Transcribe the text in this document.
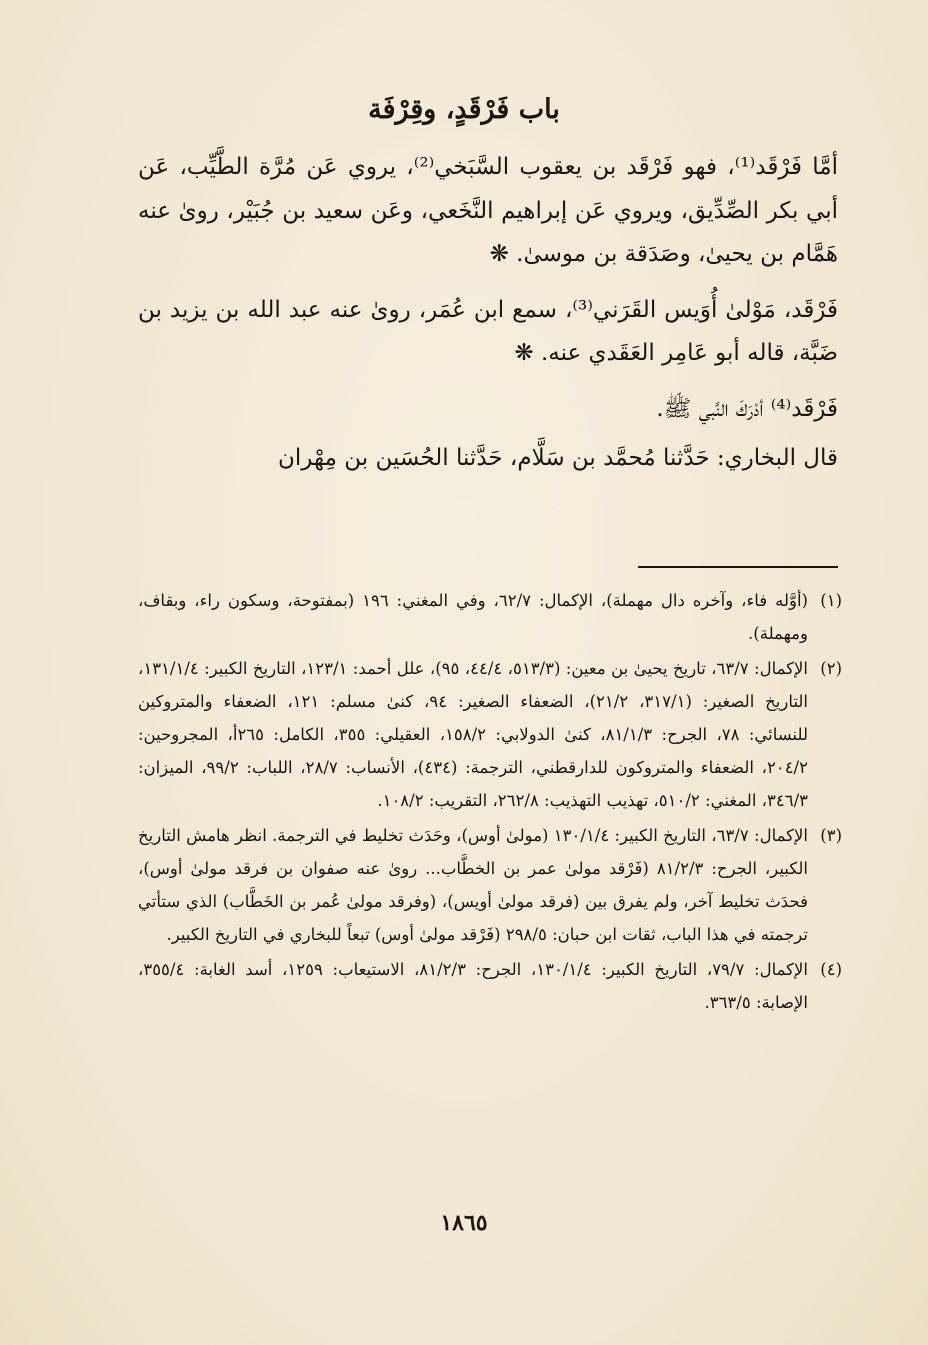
باب فَرْقَدٍ، وقِرْفَة

أمَّا فَرْقَد⁽¹⁾، فهو فَرْقَد بن يعقوب السَّبَخي⁽²⁾، يروي عَن مُرَّة الطَّيِّب، عَن أبي بكر الصِّدِّيق، ويروي عَن إبراهيم النَّخَعي، وعَن سعيد بن جُبَيْر، روىٰ عنه هَمَّام بن يحيىٰ، وصَدَقة بن موسىٰ. ❋

فَرْقَد، مَوْلىٰ أُوَيس القَرَني⁽³⁾، سمع ابن عُمَر، روىٰ عنه عبد الله بن يزيد بن ضَبَّة، قاله أبو عَامِر العَقَدي عنه. ❋

فَرْقَد⁽⁴⁾ أدْرَكَ النَّبي ﷺ.

قال البخاري: حَدَّثنا مُحمَّد بن سَلَّام، حَدَّثنا الحُسَين بن مِهْران

(١)
(أوَّله فاء، وآخره دال مهملة)، الإكمال: ٦٢/٧، وفي المغني: ١٩٦ (بمفتوحة، وسكون راء، وبقاف، ومهملة).
(٢)
الإكمال: ٦٣/٧، تاريخ يحيىٰ بن معين: (٥١٣/٣، ٤٤/٤، ٩٥)، علل أحمد: ١٢٣/١، التاريخ الكبير: ١٣١/١/٤، التاريخ الصغير: (٣١٧/١، ٢١/٢)، الضعفاء الصغير: ٩٤، كنىٰ مسلم: ١٢١، الضعفاء والمتروكين للنسائي: ٧٨، الجرح: ٨١/١/٣، كنىٰ الدولابي: ١٥٨/٢، العقيلي: ٣٥٥، الكامل: ٢٦٥أ، المجروحين: ٢٠٤/٢، الضعفاء والمتروكون للدارقطني، الترجمة: (٤٣٤)، الأنساب: ٢٨/٧، اللباب: ٩٩/٢، الميزان: ٣٤٦/٣، المغني: ٥١٠/٢، تهذيب التهذيب: ٢٦٢/٨، التقريب: ١٠٨/٢.
(٣)
الإكمال: ٦٣/٧، التاريخ الكبير: ١٣٠/١/٤ (مولىٰ أوس)، وحَدَث تخليط في الترجمة. انظر هامش التاريخ الكبير، الجرح: ٨١/٢/٣ (فَرْقد مولىٰ عمر بن الخطَّاب... روىٰ عنه صفوان بن فرقد مولىٰ أوس)، فحدَث تخليط آخر، ولم يفرق بين (فرقد مولىٰ أويس)، (وفرقد مولىٰ عُمر بن الخَطَّاب) الذي ستأتي ترجمته في هذا الباب، ثقات ابن حبان: ٢٩٨/٥ (فَرْقد مولىٰ أوس) تبعاً للبخاري في التاريخ الكبير.
(٤)
الإكمال: ٧٩/٧، التاريخ الكبير: ١٣٠/١/٤، الجرح: ٨١/٢/٣، الاستيعاب: ١٢٥٩، أسد الغابة: ٣٥٥/٤، الإصابة: ٣٦٣/٥.
١٨٦٥
